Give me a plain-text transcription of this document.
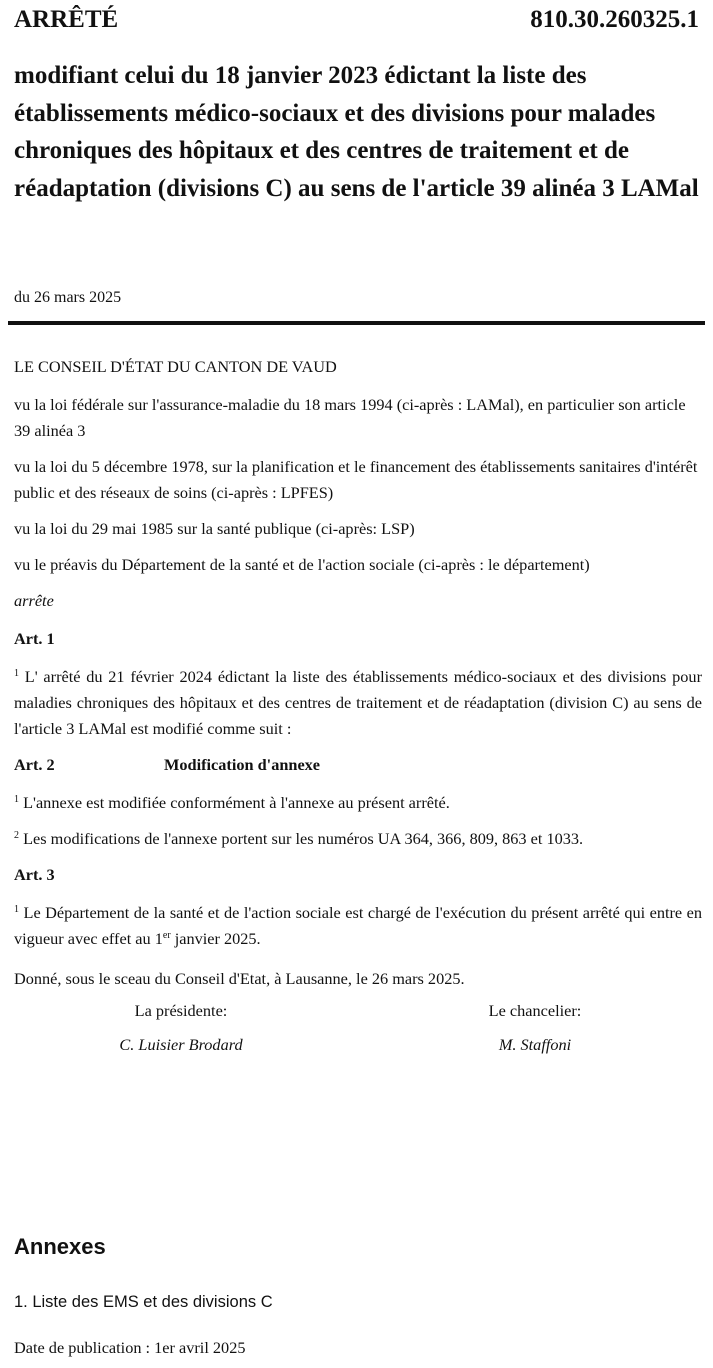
ARRÊTÉ	810.30.260325.1
modifiant celui du 18 janvier 2023 édictant la liste des établissements médico-sociaux et des divisions pour malades chroniques des hôpitaux et des centres de traitement et de réadaptation (divisions C) au sens de l'article 39 alinéa 3 LAMal
du 26 mars 2025

LE CONSEIL D'ÉTAT DU CANTON DE VAUD

vu la loi fédérale sur l'assurance-maladie du 18 mars 1994 (ci-après : LAMal), en particulier son article 39 alinéa 3

vu la loi du 5 décembre 1978, sur la planification et le financement des établissements sanitaires d'intérêt public et des réseaux de soins (ci-après : LPFES)

vu la loi du 29 mai 1985 sur la santé publique (ci-après: LSP)

vu le préavis du Département de la santé et de l'action sociale (ci-après : le département)

arrête

Art. 1

$^1$ L' arrêté du 21 février 2024 édictant la liste des établissements médico-sociaux et des divisions pour maladies chroniques des hôpitaux et des centres de traitement et de réadaptation (division C) au sens de l'article 3 LAMal est modifié comme suit :

Art. 2	Modification d'annexe

$^1$ L'annexe est modifiée conformément à l'annexe au présent arrêté.

$^2$ Les modifications de l'annexe portent sur les numéros UA 364, 366, 809, 863 et 1033.

Art. 3

$^1$ Le Département de la santé et de l'action sociale est chargé de l'exécution du présent arrêté qui entre en vigueur avec effet au 1er janvier 2025.

Donné, sous le sceau du Conseil d'Etat, à Lausanne, le 26 mars 2025.

La présidente:	Le chancelier:
C. Luisier Brodard	M. Staffoni
Annexes
1. Liste des EMS et des divisions C
Date de publication : 1er avril 2025
